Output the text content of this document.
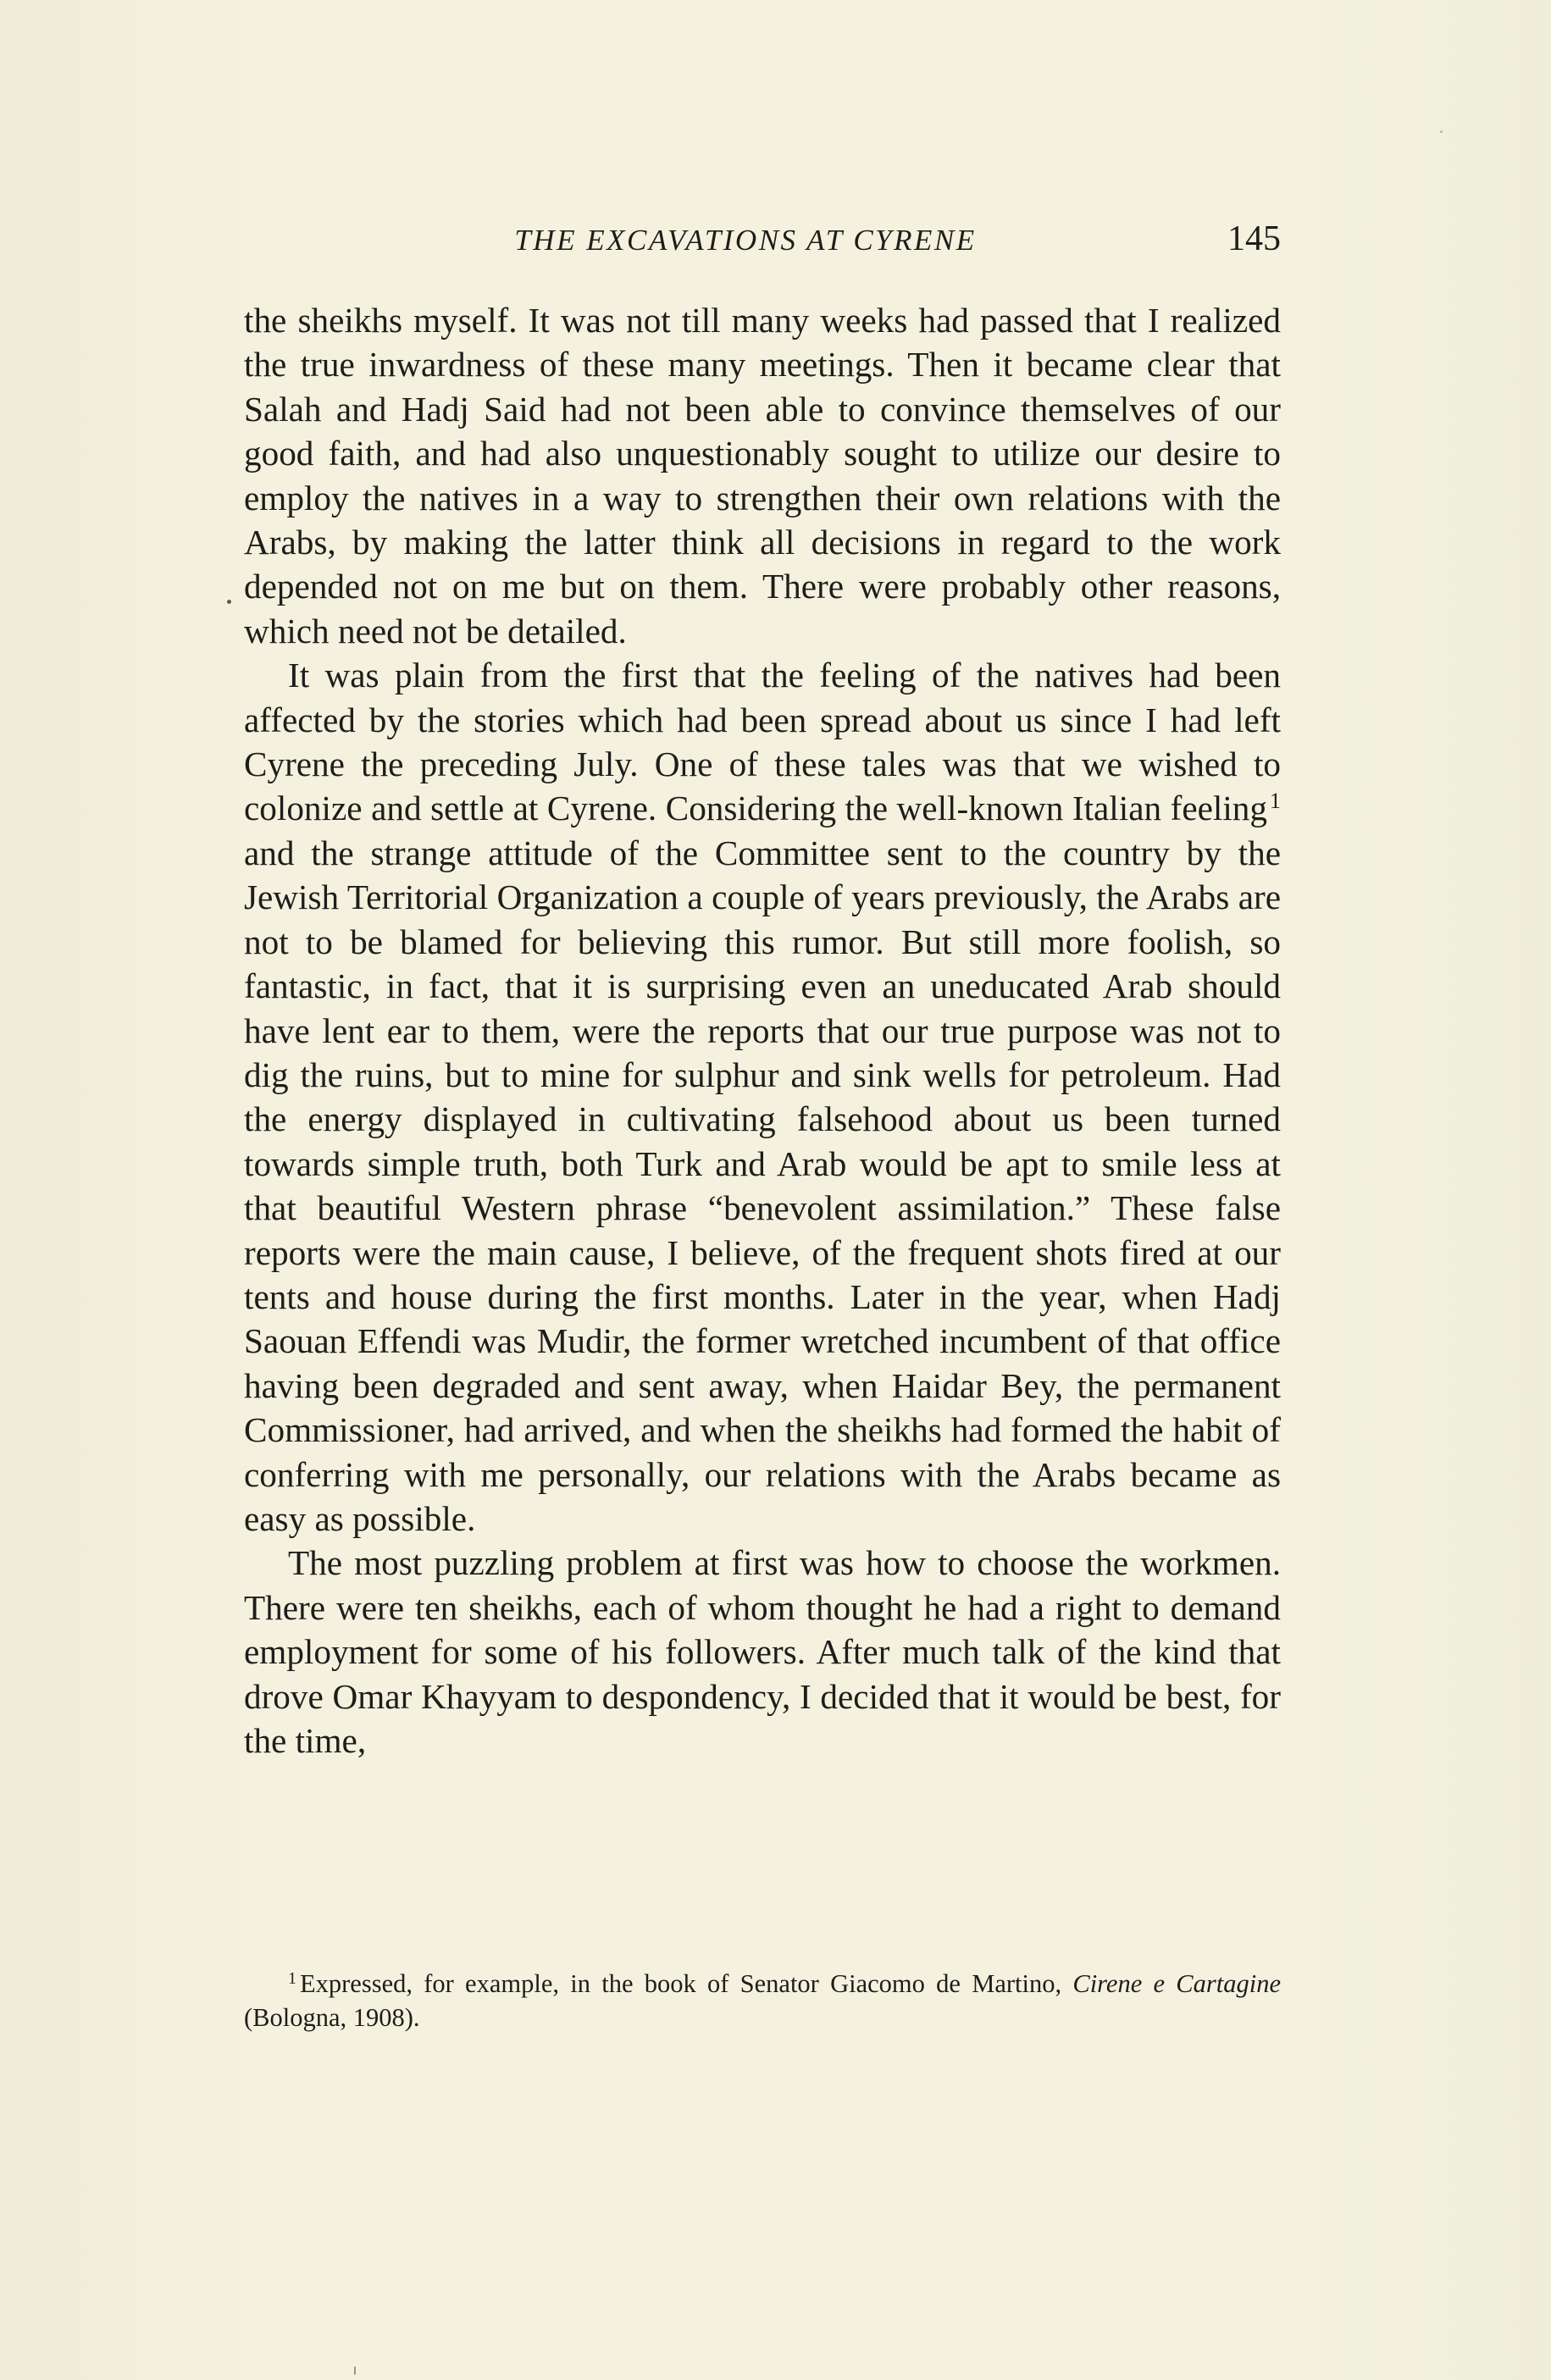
THE EXCAVATIONS AT CYRENE	145

the sheikhs myself. It was not till many weeks had passed that I realized the true inwardness of these many meetings. Then it became clear that Salah and Hadj Said had not been able to convince themselves of our good faith, and had also unquestionably sought to utilize our desire to employ the natives in a way to strengthen their own relations with the Arabs, by making the latter think all decisions in regard to the work depended not on me but on them. There were probably other reasons, which need not be detailed.

It was plain from the first that the feeling of the natives had been affected by the stories which had been spread about us since I had left Cyrene the preceding July. One of these tales was that we wished to colonize and settle at Cyrene. Considering the well-known Italian feeling $^1$ and the strange attitude of the Committee sent to the country by the Jewish Territorial Organization a couple of years previously, the Arabs are not to be blamed for believing this rumor. But still more foolish, so fantastic, in fact, that it is surprising even an uneducated Arab should have lent ear to them, were the reports that our true purpose was not to dig the ruins, but to mine for sulphur and sink wells for petroleum. Had the energy displayed in cultivating falsehood about us been turned towards simple truth, both Turk and Arab would be apt to smile less at that beautiful Western phrase “benevolent assimilation.” These false reports were the main cause, I believe, of the frequent shots fired at our tents and house during the first months. Later in the year, when Hadj Saouan Effendi was Mudir, the former wretched incumbent of that office having been degraded and sent away, when Haidar Bey, the permanent Commissioner, had arrived, and when the sheikhs had formed the habit of conferring with me personally, our relations with the Arabs became as easy as possible.

The most puzzling problem at first was how to choose the workmen. There were ten sheikhs, each of whom thought he had a right to demand employment for some of his followers. After much talk of the kind that drove Omar Khayyam to despondency, I decided that it would be best, for the time,

$^1$ Expressed, for example, in the book of Senator Giacomo de Martino, Cirene e Cartagine (Bologna, 1908).
